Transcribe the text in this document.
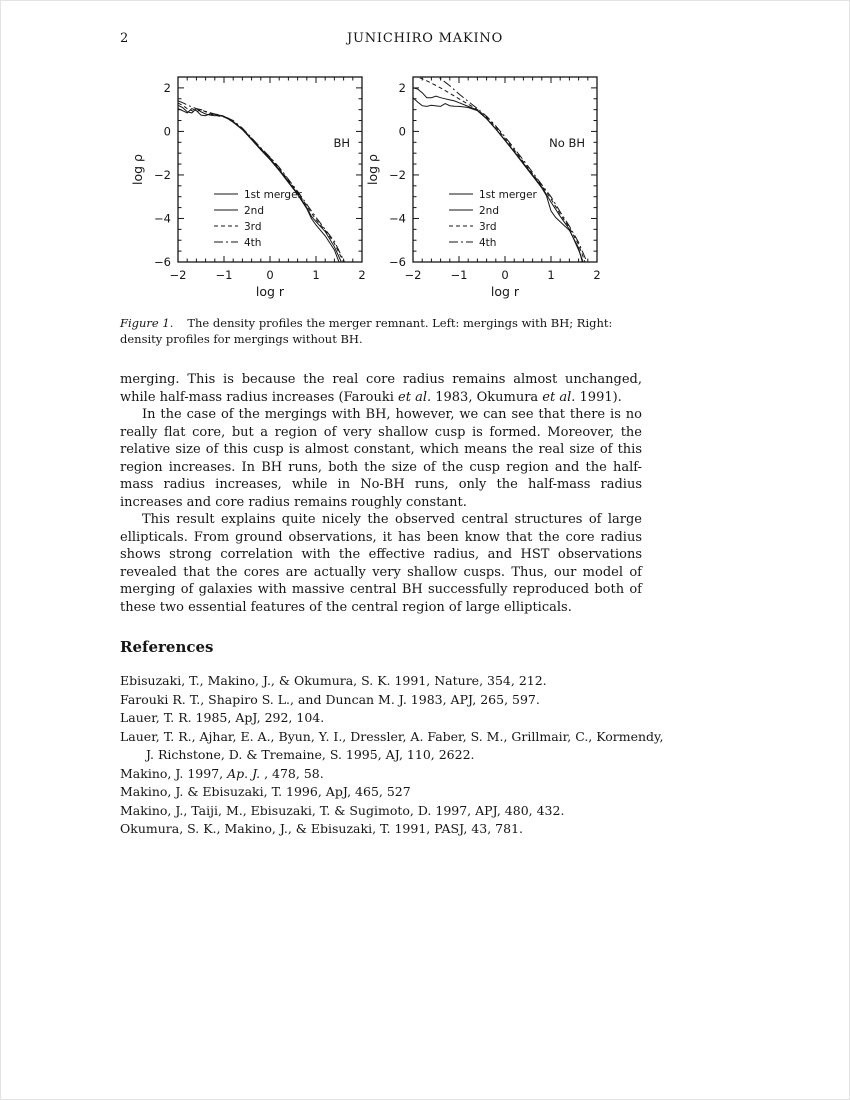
2	JUNICHIRO MAKINO
−2	−1	0	1	2
−6
−4
−2
0
2
log r
log ρ
BH
1st merger
2nd
3rd
4th
−2	−1	0	1	2
−6
−4
−2
0
2
log r
log ρ
No BH
1st merger
2nd
3rd
4th
Figure 1. The density profiles the merger remnant. Left: mergings with BH; Right: density profiles for mergings without BH.

merging. This is because the real core radius remains almost unchanged, while half-mass radius increases (Farouki et al. 1983, Okumura et al. 1991).

In the case of the mergings with BH, however, we can see that there is no really flat core, but a region of very shallow cusp is formed. Moreover, the relative size of this cusp is almost constant, which means the real size of this region increases. In BH runs, both the size of the cusp region and the half-mass radius increases, while in No-BH runs, only the half-mass radius increases and core radius remains roughly constant.

This result explains quite nicely the observed central structures of large ellipticals. From ground observations, it has been know that the core radius shows strong correlation with the effective radius, and HST observations revealed that the cores are actually very shallow cusps. Thus, our model of merging of galaxies with massive central BH successfully reproduced both of these two essential features of the central region of large ellipticals.

References
Ebisuzaki, T., Makino, J., & Okumura, S. K. 1991, Nature, 354, 212.
Farouki R. T., Shapiro S. L., and Duncan M. J. 1983, APJ, 265, 597.
Lauer, T. R. 1985, ApJ, 292, 104.
Lauer, T. R., Ajhar, E. A., Byun, Y. I., Dressler, A. Faber, S. M., Grillmair, C., Kormendy, J. Richstone, D. & Tremaine, S. 1995, AJ, 110, 2622.
Makino, J. 1997, Ap. J. , 478, 58.
Makino, J. & Ebisuzaki, T. 1996, ApJ, 465, 527
Makino, J., Taiji, M., Ebisuzaki, T. & Sugimoto, D. 1997, APJ, 480, 432.
Okumura, S. K., Makino, J., & Ebisuzaki, T. 1991, PASJ, 43, 781.
